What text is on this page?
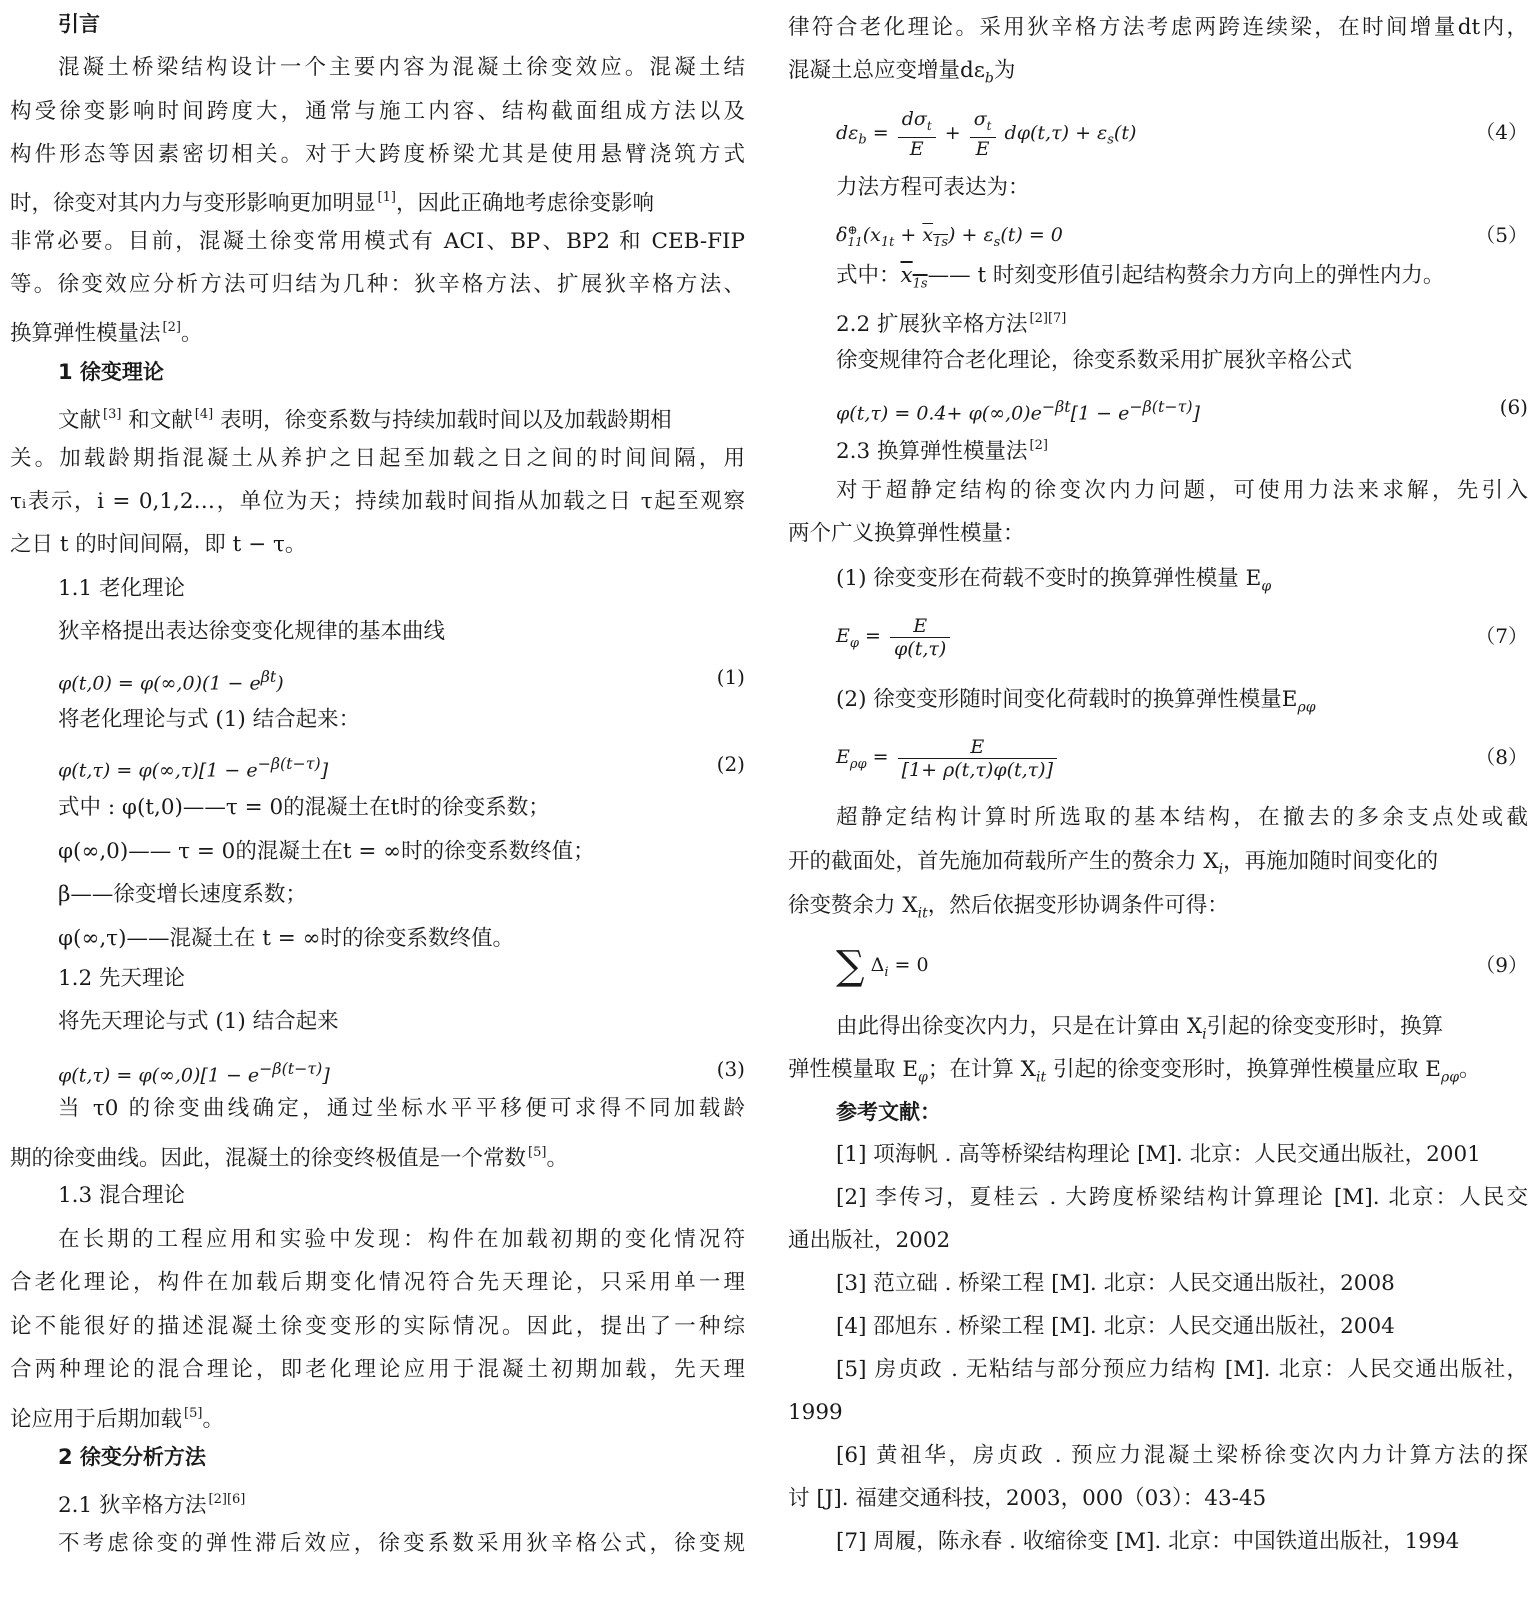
引言
混凝土桥梁结构设计一个主要内容为混凝土徐变效应。混凝土结
构受徐变影响时间跨度大，通常与施工内容、结构截面组成方法以及
构件形态等因素密切相关。对于大跨度桥梁尤其是使用悬臂浇筑方式
时，徐变对其内力与变形影响更加明显 [1]，因此正确地考虑徐变影响
非常必要。目前，混凝土徐变常用模式有 ACI、BP、BP2 和 CEB-FIP
等。徐变效应分析方法可归结为几种：狄辛格方法、扩展狄辛格方法、
换算弹性模量法 [2]。
1 徐变理论
文献 [3] 和文献 [4] 表明，徐变系数与持续加载时间以及加载龄期相
关。加载龄期指混凝土从养护之日起至加载之日之间的时间间隔，用
τᵢ表示，i = 0,1,2…，单位为天；持续加载时间指从加载之日 τ起至观察
之日 t 的时间间隔，即 t − τ。
1.1 老化理论
狄辛格提出表达徐变变化规律的基本曲线
$\varphi(t,0) = \varphi(\infty,0)(1 - e^{\beta t})$	(1)
将老化理论与式 (1) 结合起来：
$\varphi(t,\tau) = \varphi(\infty,\tau)[1 - e^{-\beta(t-\tau)}]$	(2)
式中 : φ(t,0)——τ = 0的混凝土在t时的徐变系数；
φ(∞,0)—— τ = 0的混凝土在t = ∞时的徐变系数终值；
β——徐变增长速度系数；
φ(∞,τ)——混凝土在 t = ∞时的徐变系数终值。
1.2 先天理论
将先天理论与式 (1) 结合起来
$\varphi(t,\tau) = \varphi(\infty,0)[1 - e^{-\beta(t-\tau)}]$	(3)
当 τ0 的徐变曲线确定，通过坐标水平平移便可求得不同加载龄
期的徐变曲线。因此，混凝土的徐变终极值是一个常数 [5]。
1.3 混合理论
在长期的工程应用和实验中发现：构件在加载初期的变化情况符
合老化理论，构件在加载后期变化情况符合先天理论，只采用单一理
论不能很好的描述混凝土徐变变形的实际情况。因此，提出了一种综
合两种理论的混合理论，即老化理论应用于混凝土初期加载，先天理
论应用于后期加载 [5]。
2 徐变分析方法
2.1 狄辛格方法 [2][6]
不考虑徐变的弹性滞后效应，徐变系数采用狄辛格公式，徐变规
律符合老化理论。采用狄辛格方法考虑两跨连续梁，在时间增量dt内，
混凝土总应变增量$d\varepsilon_b$为
$d\varepsilon_b = \frac{d\sigma_t}{E} + \frac{\sigma_t}{E} d\varphi(t,\tau) + \varepsilon_s(t)$	（4）
力法方程可表达为：
δ ⊕
11 $(x_{1t} + x_{1s}) + \varepsilon_s(t) = 0$	（5）
式中：$x_{1s}——$ t 时刻变形值引起结构赘余力方向上的弹性内力。
2.2 扩展狄辛格方法 [2][7]
徐变规律符合老化理论，徐变系数采用扩展狄辛格公式
$\varphi(t,\tau) = 0.4+ \varphi(\infty,0)e^{-\beta t}[1 - e^{-\beta(t-\tau)}]$	(6)
2.3 换算弹性模量法 [2]
对于超静定结构的徐变次内力问题，可使用力法来求解，先引入
两个广义换算弹性模量：
(1) 徐变变形在荷载不变时的换算弹性模量 $E_\varphi$
$E_\varphi = \frac{E}{\varphi(t,\tau)}$	（7）
(2) 徐变变形随时间变化荷载时的换算弹性模量$E_{\rho\varphi}$
$E_{\rho\varphi} = \frac{E}{[1+ \rho(t,\tau)\varphi(t,\tau)]}$	（8）
超静定结构计算时所选取的基本结构，在撤去的多余支点处或截
开的截面处，首先施加荷载所产生的赘余力 $X_i$，再施加随时间变化的
徐变赘余力 $X_{it}$，然后依据变形协调条件可得：
∑ $\Delta_i = 0$	（9）
由此得出徐变次内力，只是在计算由 $X_i$引起的徐变变形时，换算
弹性模量取 $E_\varphi$；在计算 $X_{it}$ 引起的徐变变形时，换算弹性模量应取 $E_{\rho\varphi}$。
参考文献：
[1] 项海帆 . 高等桥梁结构理论 [M]. 北京：人民交通出版社，2001
[2] 李传习，夏桂云 . 大跨度桥梁结构计算理论 [M]. 北京：人民交
通出版社，2002
[3] 范立础 . 桥梁工程 [M]. 北京：人民交通出版社，2008
[4] 邵旭东 . 桥梁工程 [M]. 北京：人民交通出版社，2004
[5] 房贞政 . 无粘结与部分预应力结构 [M]. 北京：人民交通出版社，
1999
[6] 黄祖华，房贞政 . 预应力混凝土梁桥徐变次内力计算方法的探
讨 [J]. 福建交通科技，2003，000（03）：43-45
[7] 周履，陈永春 . 收缩徐变 [M]. 北京：中国铁道出版社，1994
